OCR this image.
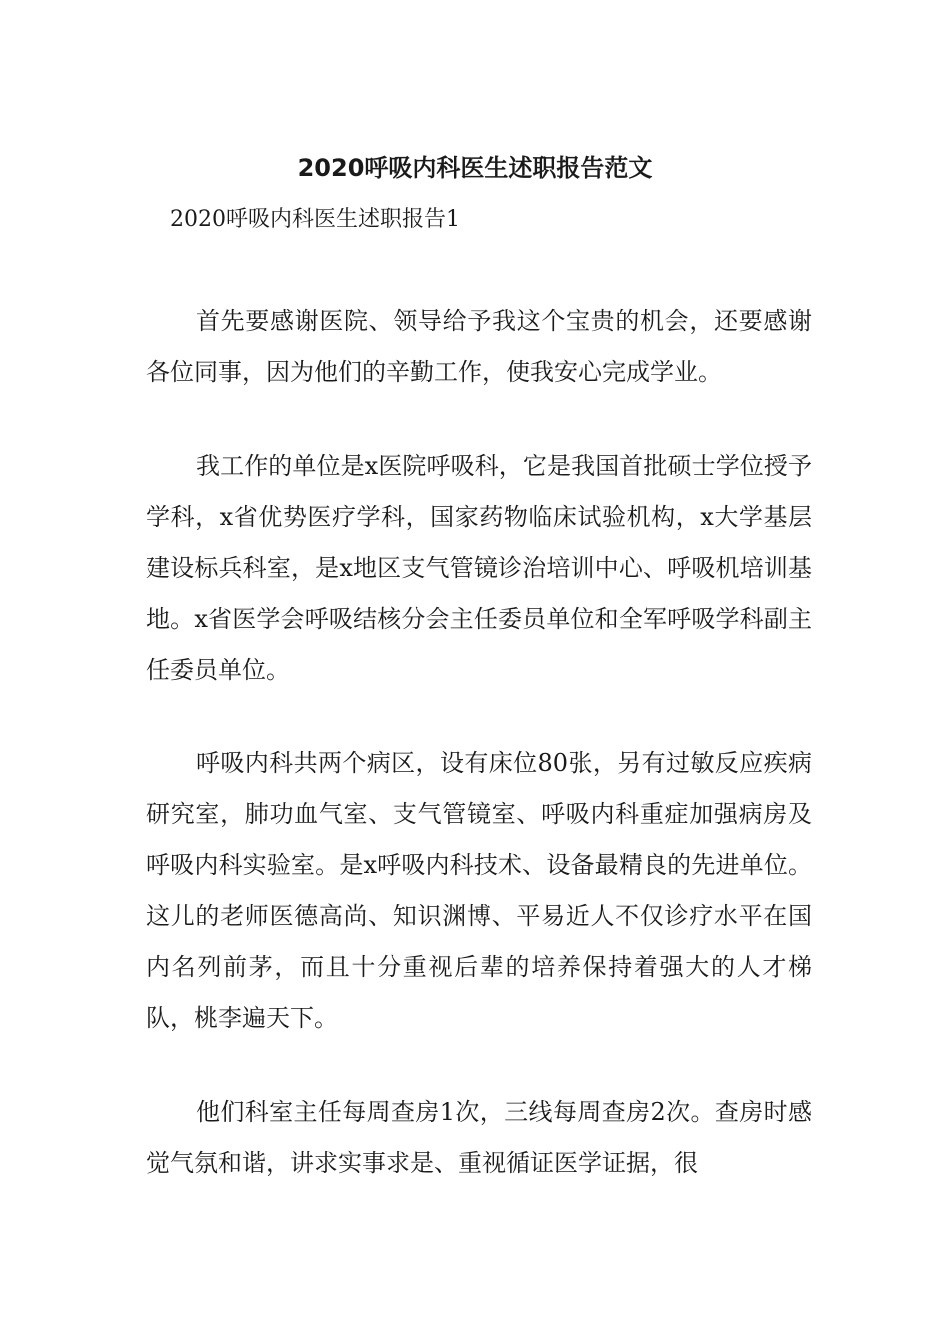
2020呼吸内科医生述职报告范文
2020呼吸内科医生述职报告1

首先要感谢医院、领导给予我这个宝贵的机会，还要感谢各位同事，因为他们的辛勤工作，使我安心完成学业。

我工作的单位是x医院呼吸科，它是我国首批硕士学位授予学科，x省优势医疗学科，国家药物临床试验机构，x大学基层建设标兵科室，是x地区支气管镜诊治培训中心、呼吸机培训基地。x省医学会呼吸结核分会主任委员单位和全军呼吸学科副主任委员单位。

呼吸内科共两个病区，设有床位80张，另有过敏反应疾病研究室，肺功血气室、支气管镜室、呼吸内科重症加强病房及呼吸内科实验室。是x呼吸内科技术、设备最精良的先进单位。这儿的老师医德高尚、知识渊博、平易近人不仅诊疗水平在国内名列前茅，而且十分重视后辈的培养保持着强大的人才梯队，桃李遍天下。

他们科室主任每周查房1次，三线每周查房2次。查房时感觉气氛和谐，讲求实事求是、重视循证医学证据，很
